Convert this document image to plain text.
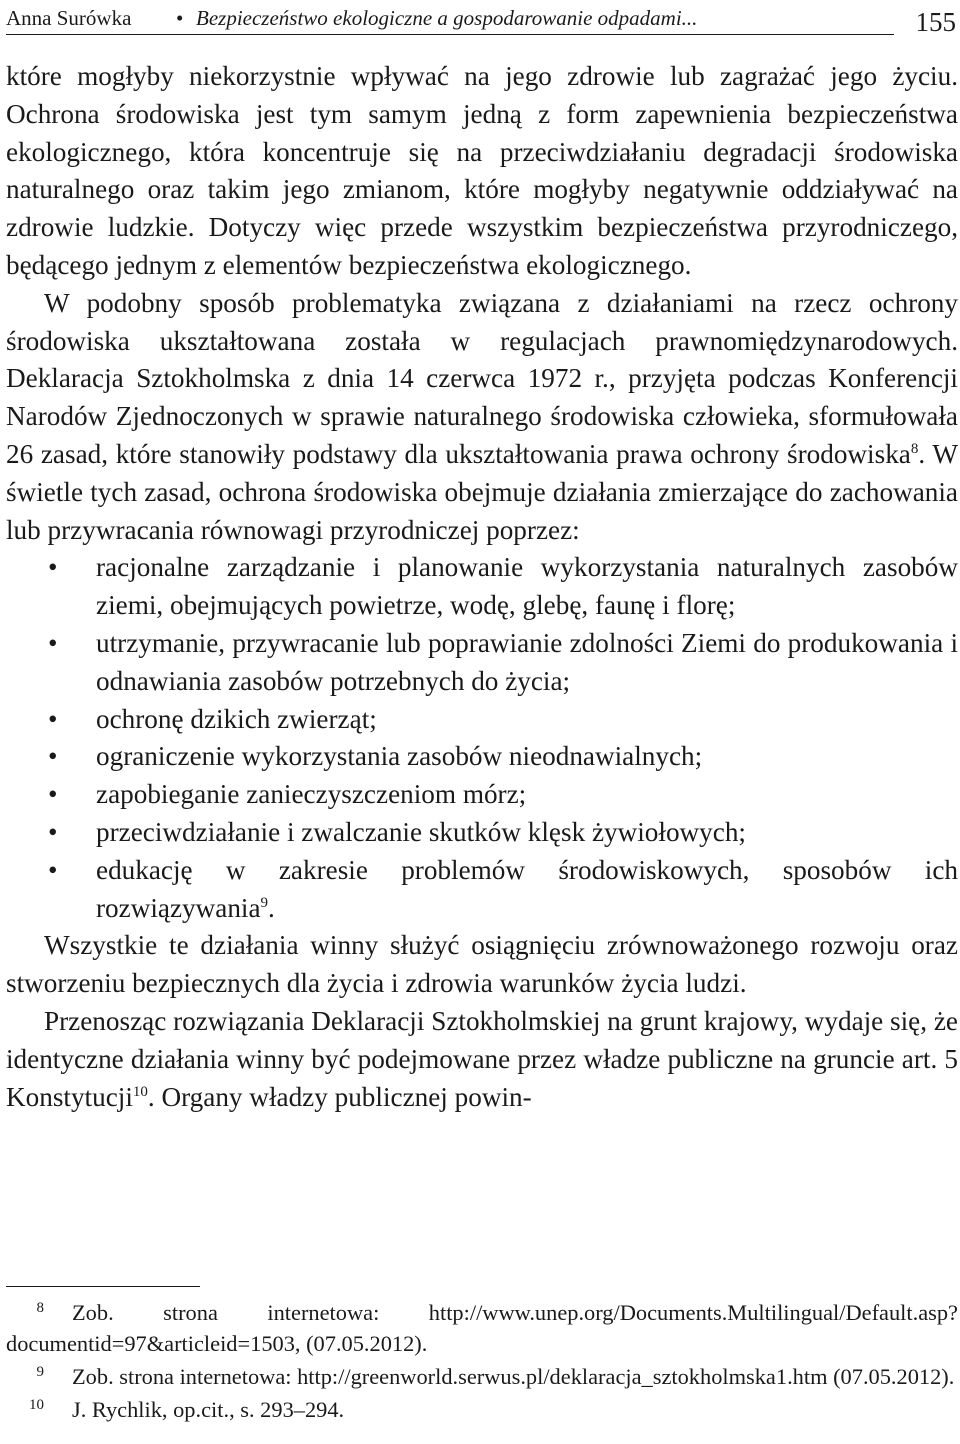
Anna Surówka • Bezpieczeństwo ekologiczne a gospodarowanie odpadami...	155

które mogłyby niekorzystnie wpływać na jego zdrowie lub zagrażać jego życiu. Ochrona środowiska jest tym samym jedną z form zapewnienia bezpieczeństwa ekologicznego, która koncentruje się na przeciwdziałaniu degradacji środowiska naturalnego oraz takim jego zmianom, które mogłyby negatywnie oddziaływać na zdrowie ludzkie. Dotyczy więc przede wszystkim bezpieczeństwa przyrodniczego, będącego jednym z elementów bezpieczeństwa ekologicznego.

W podobny sposób problematyka związana z działaniami na rzecz ochrony środowiska ukształtowana została w regulacjach prawnomiędzynarodowych. Deklaracja Sztokholmska z dnia 14 czerwca 1972 r., przyjęta podczas Konferencji Narodów Zjednoczonych w sprawie naturalnego środowiska człowieka, sformułowała 26 zasad, które stanowiły podstawy dla ukształtowania prawa ochrony środowiska$^8$. W świetle tych zasad, ochrona środowiska obejmuje działania zmierzające do zachowania lub przywracania równowagi przyrodniczej poprzez:

• racjonalne zarządzanie i planowanie wykorzystania naturalnych zasobów ziemi, obejmujących powietrze, wodę, glebę, faunę i florę;
• utrzymanie, przywracanie lub poprawianie zdolności Ziemi do produkowania i odnawiania zasobów potrzebnych do życia;
• ochronę dzikich zwierząt;
• ograniczenie wykorzystania zasobów nieodnawialnych;
• zapobieganie zanieczyszczeniom mórz;
• przeciwdziałanie i zwalczanie skutków klęsk żywiołowych;
• edukację w zakresie problemów środowiskowych, sposobów ich rozwiązywania$^9$.

Wszystkie te działania winny służyć osiągnięciu zrównoważonego rozwoju oraz stworzeniu bezpiecznych dla życia i zdrowia warunków życia ludzi.

Przenosząc rozwiązania Deklaracji Sztokholmskiej na grunt krajowy, wydaje się, że identyczne działania winny być podejmowane przez władze publiczne na gruncie art. 5 Konstytucji$^{10}$. Organy władzy publicznej powin-

8 Zob. strona internetowa: http://www.unep.org/Documents.Multilingual/Default.asp?documentid=97&articleid=1503, (07.05.2012).

9 Zob. strona internetowa: http://greenworld.serwus.pl/deklaracja_sztokholmska1.htm (07.05.2012).

10 J. Rychlik, op.cit., s. 293–294.
